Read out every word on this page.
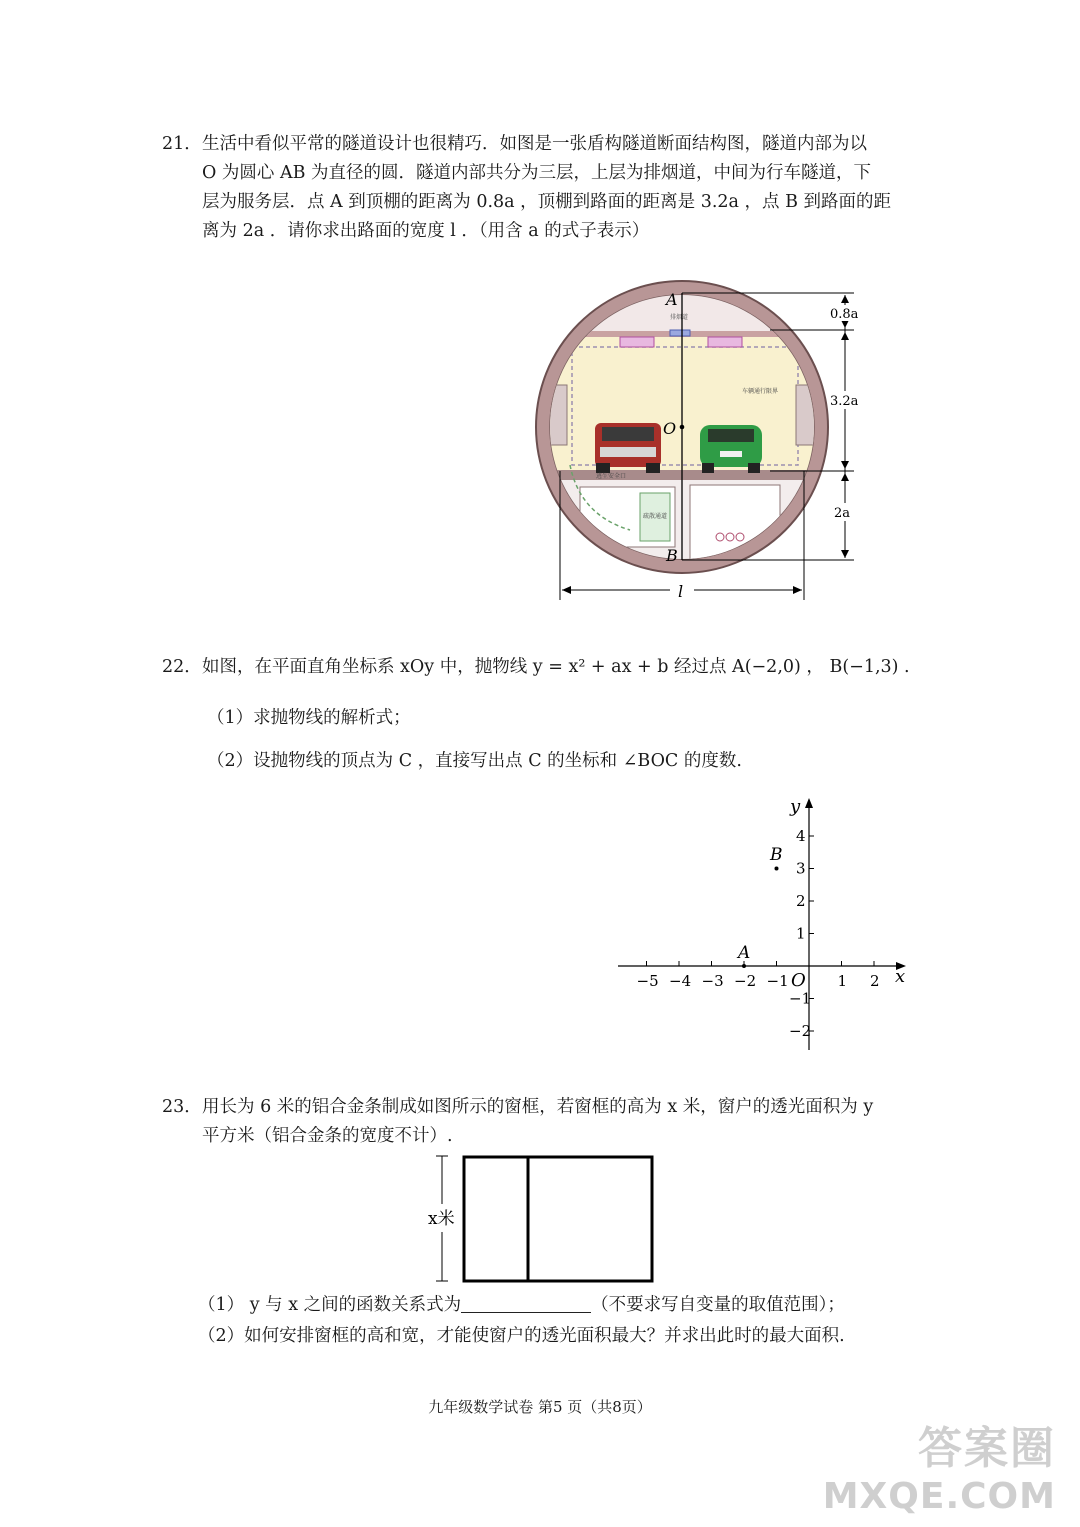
21． 生活中看似平常的隧道设计也很精巧．如图是一张盾构隧道断面结构图，隧道内部为以
O 为圆心 AB 为直径的圆．隧道内部共分为三层，上层为排烟道，中间为行车隧道，下
层为服务层．点 A 到顶棚的距离为 0.8a ，顶棚到路面的距离是 3.2a ，点 B 到路面的距
离为 2a ．请你求出路面的宽度 l ．（用含 a 的式子表示）
排烟道
车辆通行限界
逃生安全口
疏散通道
A
O
B
l
0.8a
3.2a
2a
22． 如图，在平面直角坐标系 xOy 中，抛物线 y = x² + ax + b 经过点 A(−2,0) ， B(−1,3) .
（1）求抛物线的解析式；
（2）设抛物线的顶点为 C ，直接写出点 C 的坐标和 ∠BOC 的度数.
x
y
O
−5 −4 −3 −2 −1	1 2
4
3
2
1
−1
−2
B
A
23． 用长为 6 米的铝合金条制成如图所示的窗框，若窗框的高为 x 米，窗户的透光面积为 y
平方米（铝合金条的宽度不计）.
x米
（1） y 与 x 之间的函数关系式为	（不要求写自变量的取值范围）；
（2）如何安排窗框的高和宽，才能使窗户的透光面积最大？并求出此时的最大面积.
九年级数学试卷 第5 页（共8页）
答案圈
MXQE.COM
